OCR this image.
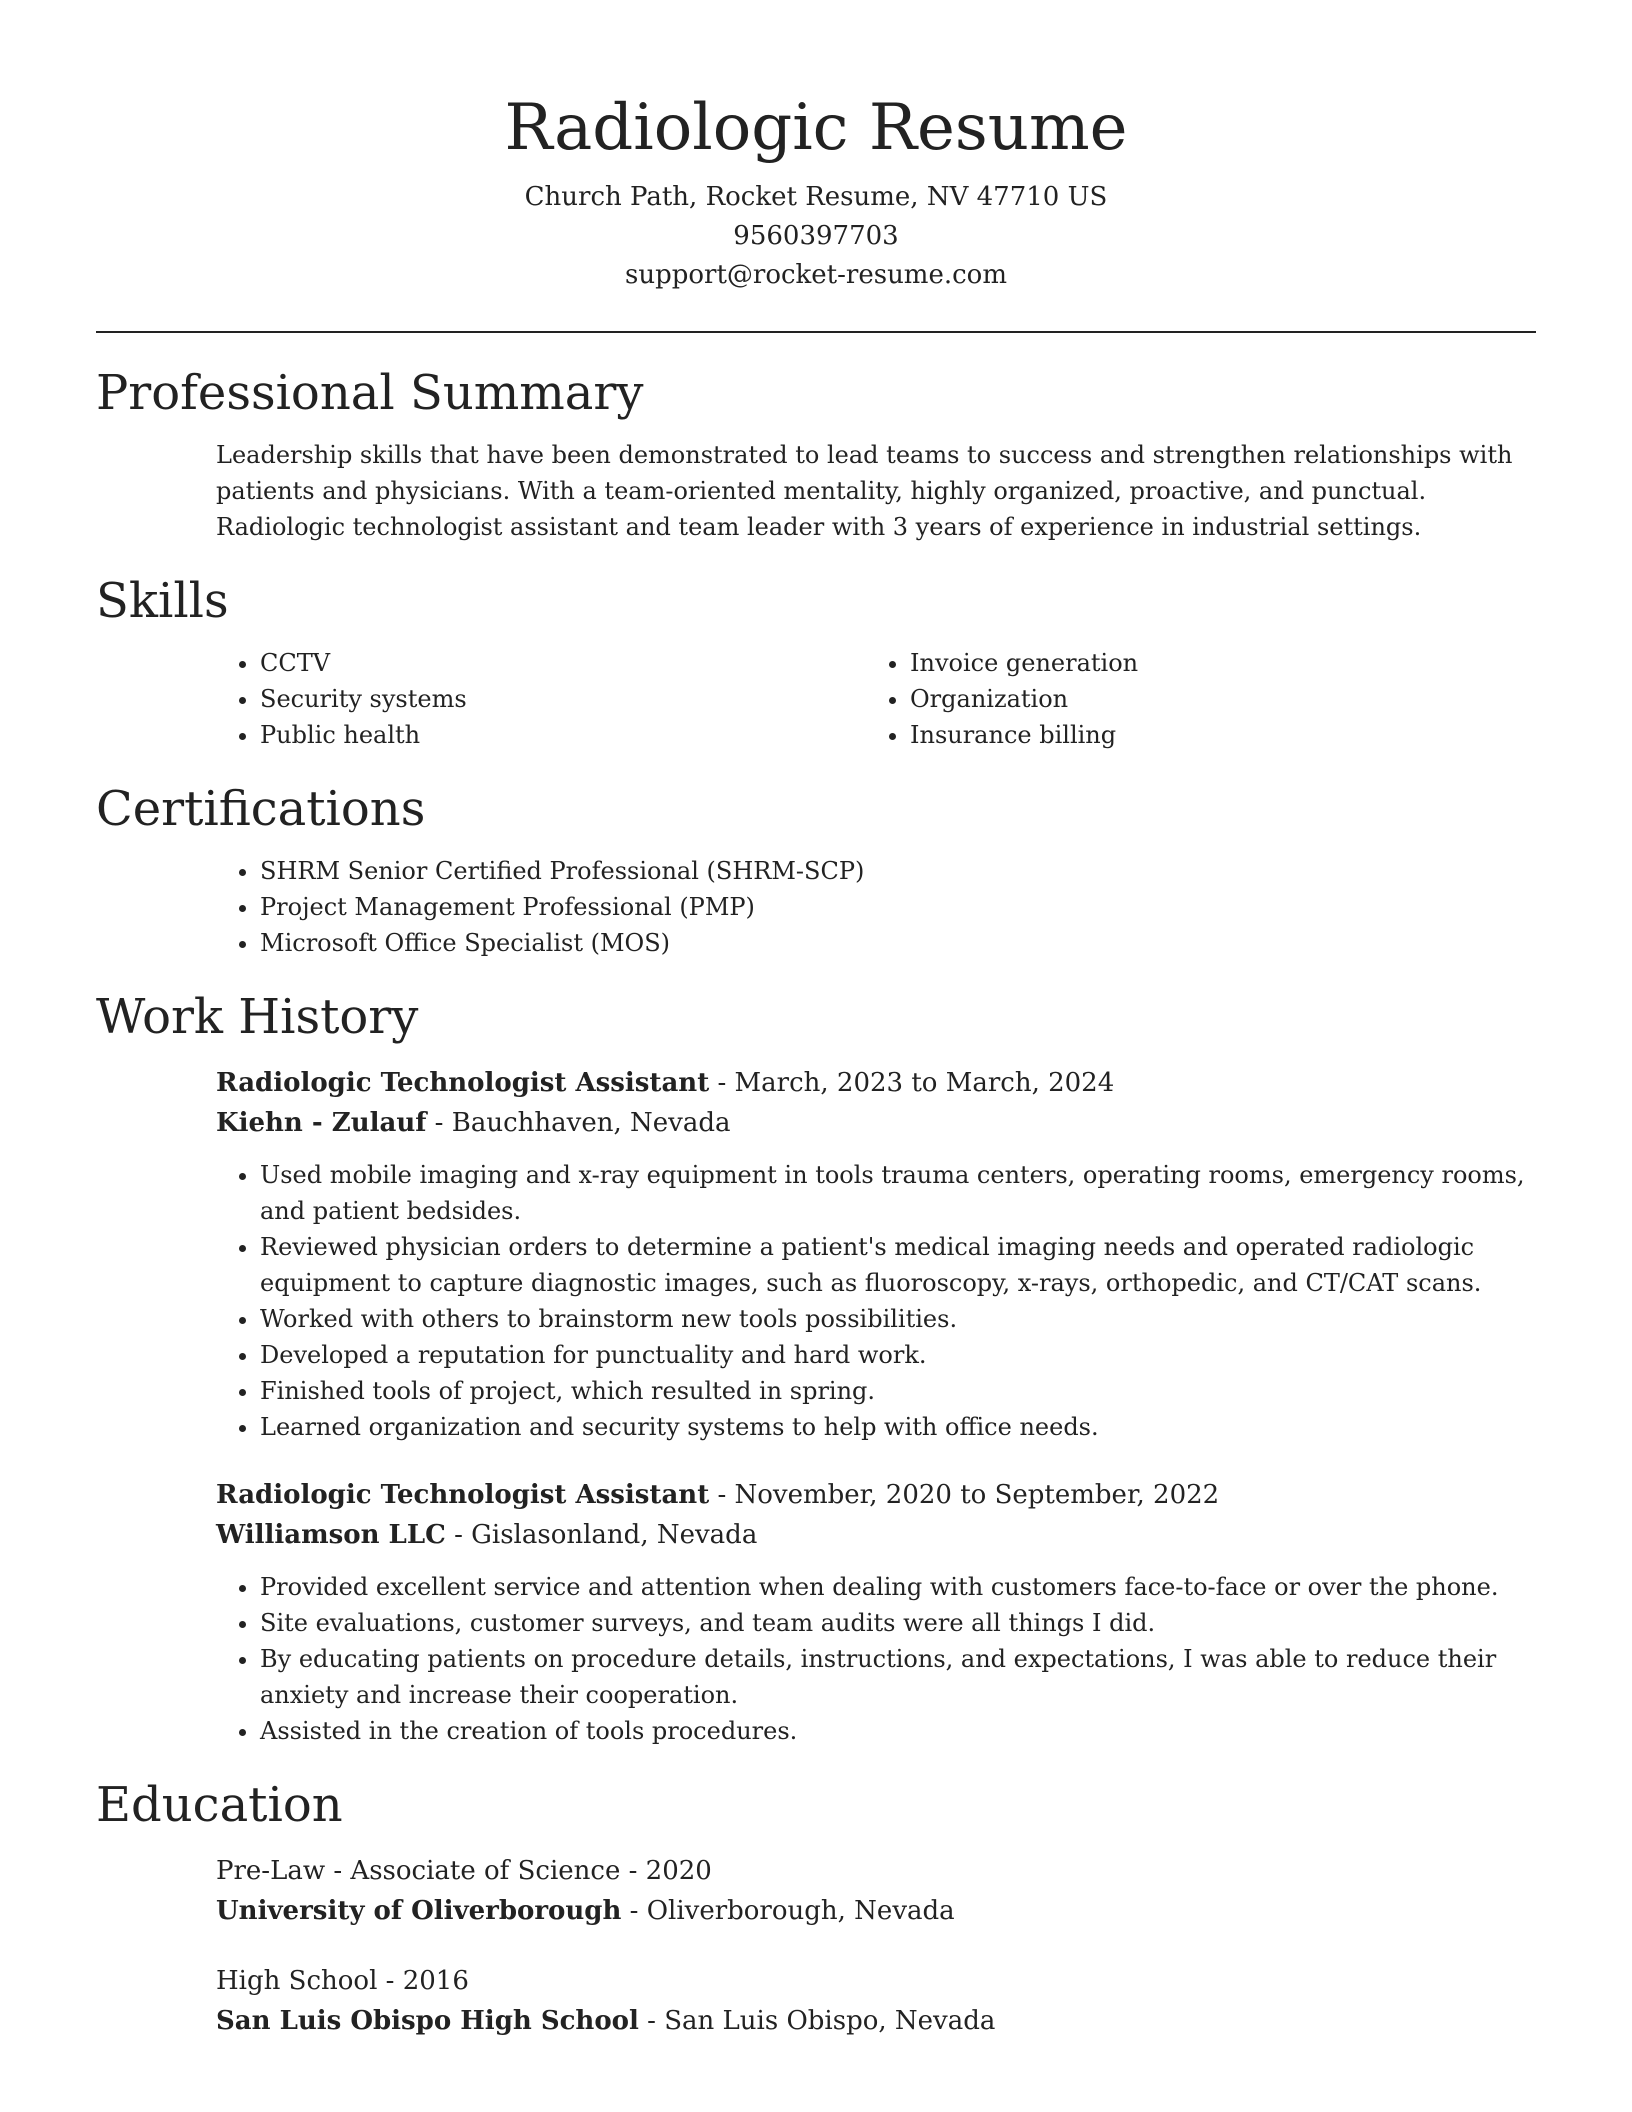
Radiologic Resume
Church Path, Rocket Resume, NV 47710 US
9560397703
support@rocket-resume.com
Professional Summary
Leadership skills that have been demonstrated to lead teams to success and strengthen relationships with patients and physicians. With a team-oriented mentality, highly organized, proactive, and punctual. Radiologic technologist assistant and team leader with 3 years of experience in industrial settings.
Skills
• CCTV
• Security systems
• Public health
• Invoice generation
• Organization
• Insurance billing
Certifications
• SHRM Senior Certified Professional (SHRM-SCP)
• Project Management Professional (PMP)
• Microsoft Office Specialist (MOS)
Work History
Radiologic Technologist Assistant - March, 2023 to March, 2024
Kiehn - Zulauf - Bauchhaven, Nevada
• Used mobile imaging and x-ray equipment in tools trauma centers, operating rooms, emergency rooms, and patient bedsides.
• Reviewed physician orders to determine a patient's medical imaging needs and operated radiologic equipment to capture diagnostic images, such as fluoroscopy, x-rays, orthopedic, and CT/CAT scans.
• Worked with others to brainstorm new tools possibilities.
• Developed a reputation for punctuality and hard work.
• Finished tools of project, which resulted in spring.
• Learned organization and security systems to help with office needs.
Radiologic Technologist Assistant - November, 2020 to September, 2022
Williamson LLC - Gislasonland, Nevada
• Provided excellent service and attention when dealing with customers face-to-face or over the phone.
• Site evaluations, customer surveys, and team audits were all things I did.
• By educating patients on procedure details, instructions, and expectations, I was able to reduce their anxiety and increase their cooperation.
• Assisted in the creation of tools procedures.
Education
Pre-Law - Associate of Science - 2020
University of Oliverborough - Oliverborough, Nevada
High School - 2016
San Luis Obispo High School - San Luis Obispo, Nevada
